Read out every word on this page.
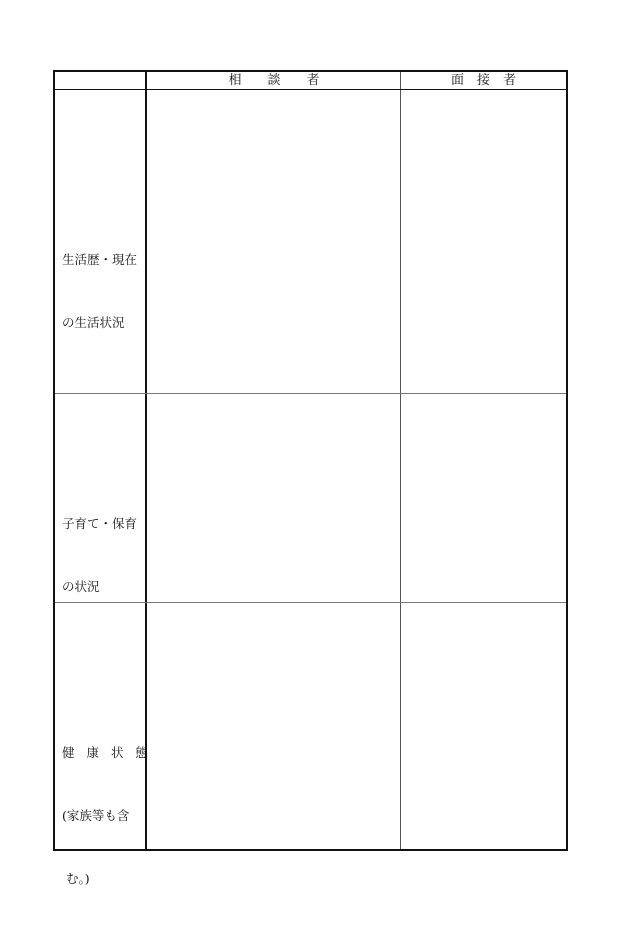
相　　談　　者	面　接　者

生活歴・現在

の生活状況

子育て・保育

の状況

健 康 状 態

(家族等も含

む。)
